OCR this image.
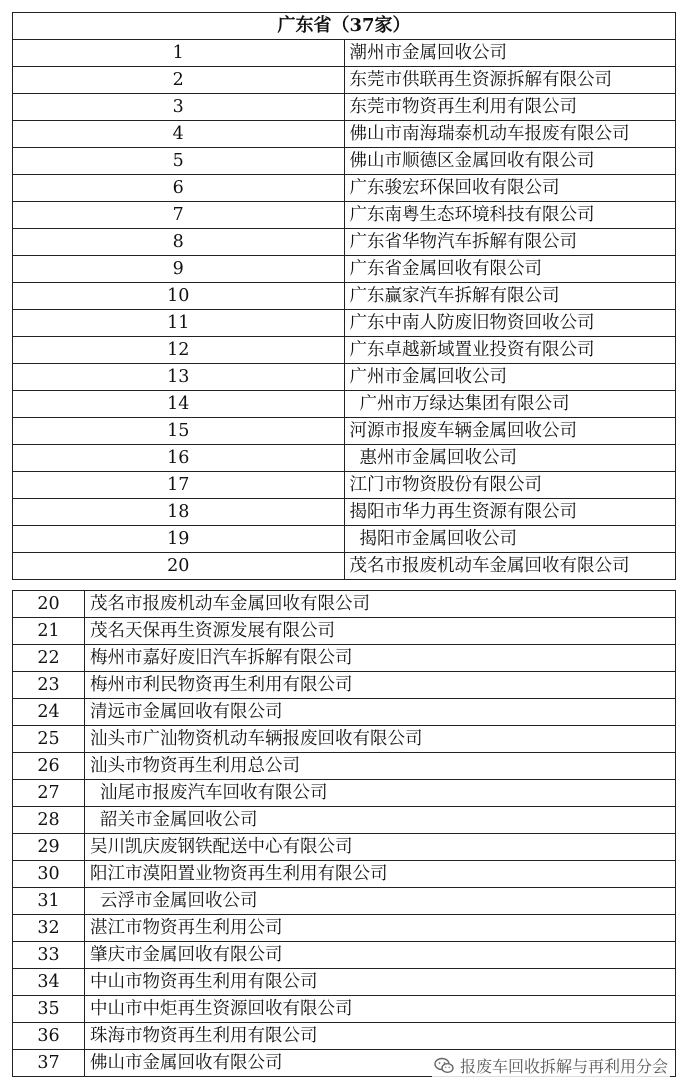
广东省（37家）	
1	潮州市金属回收公司
2	东莞市供联再生资源拆解有限公司
3	东莞市物资再生利用有限公司
4	佛山市南海瑞泰机动车报废有限公司
5	佛山市顺德区金属回收有限公司
6	广东骏宏环保回收有限公司
7	广东南粤生态环境科技有限公司
8	广东省华物汽车拆解有限公司
9	广东省金属回收有限公司
10	广东赢家汽车拆解有限公司
11	广东中南人防废旧物资回收公司
12	广东卓越新域置业投资有限公司
13	广州市金属回收公司
14	广州市万绿达集团有限公司
15	河源市报废车辆金属回收公司
16	惠州市金属回收公司
17	江门市物资股份有限公司
18	揭阳市华力再生资源有限公司
19	揭阳市金属回收公司
20	茂名市报废机动车金属回收有限公司
20	茂名市报废机动车金属回收有限公司
21	茂名天保再生资源发展有限公司
22	梅州市嘉好废旧汽车拆解有限公司
23	梅州市利民物资再生利用有限公司
24	清远市金属回收有限公司
25	汕头市广汕物资机动车辆报废回收有限公司
26	汕头市物资再生利用总公司
27	汕尾市报废汽车回收有限公司
28	韶关市金属回收公司
29	吴川凯庆废钢铁配送中心有限公司
30	阳江市漠阳置业物资再生利用有限公司
31	云浮市金属回收公司
32	湛江市物资再生利用公司
33	肇庆市金属回收有限公司
34	中山市物资再生利用有限公司
35	中山市中炬再生资源回收有限公司
36	珠海市物资再生利用有限公司
37	佛山市金属回收有限公司	报废车回收拆解与再利用分会
